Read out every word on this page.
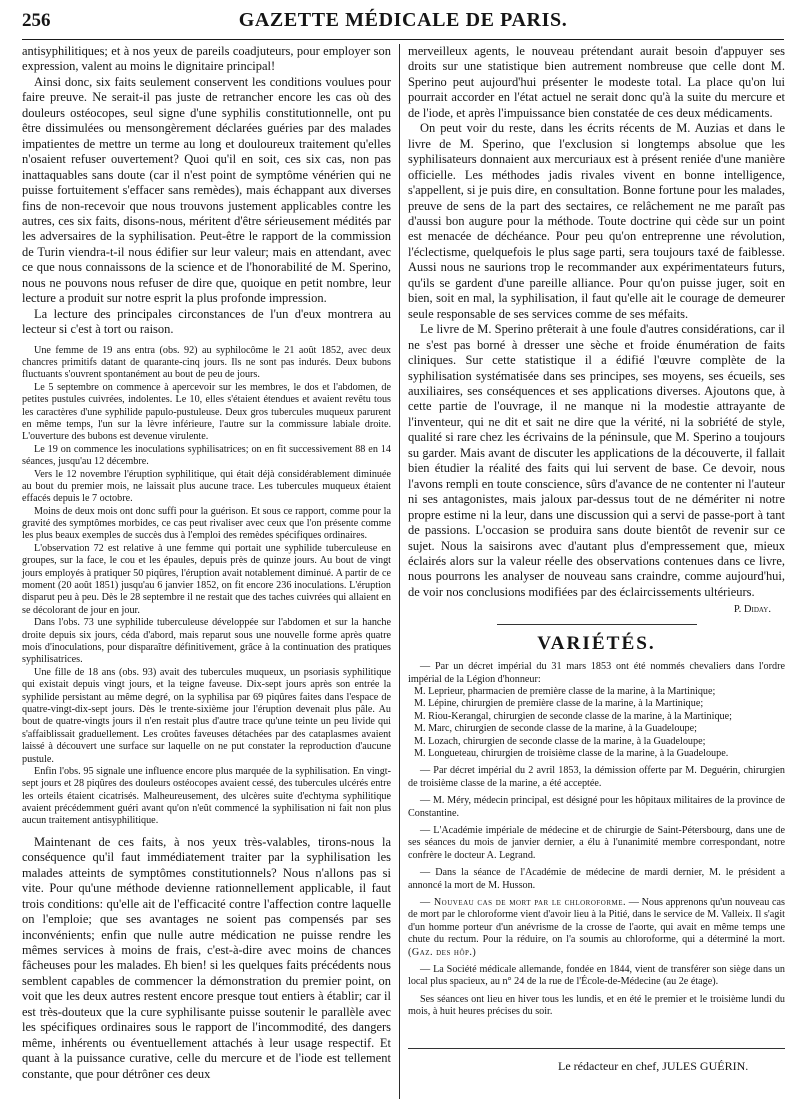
256	GAZETTE MÉDICALE DE PARIS.

antisyphilitiques; et à nos yeux de pareils coadjuteurs, pour employer son expression, valent au moins le dignitaire principal!

Ainsi donc, six faits seulement conservent les conditions voulues pour faire preuve. Ne serait-il pas juste de retrancher encore les cas où des douleurs ostéocopes, seul signe d'une syphilis constitutionnelle, ont pu être dissimulées ou mensongèrement déclarées guéries par des malades impatientes de mettre un terme au long et douloureux traitement qu'elles n'osaient refuser ouvertement? Quoi qu'il en soit, ces six cas, non pas inattaquables sans doute (car il n'est point de symptôme vénérien qui ne puisse fortuitement s'effacer sans remèdes), mais échappant aux diverses fins de non-recevoir que nous trouvons justement applicables contre les autres, ces six faits, disons-nous, méritent d'être sérieusement médités par les adversaires de la syphilisation. Peut-être le rapport de la commission de Turin viendra-t-il nous édifier sur leur valeur; mais en attendant, avec ce que nous connaissons de la science et de l'honorabilité de M. Sperino, nous ne pouvons nous refuser de dire que, quoique en petit nombre, leur lecture a produit sur notre esprit la plus profonde impression.

La lecture des principales circonstances de l'un d'eux montrera au lecteur si c'est à tort ou raison.

Une femme de 19 ans entra (obs. 92) au syphilocôme le 21 août 1852, avec deux chancres primitifs datant de quarante-cinq jours. Ils ne sont pas indurés. Deux bubons fluctuants s'ouvrent spontanément au bout de peu de jours.

Le 5 septembre on commence à apercevoir sur les membres, le dos et l'abdomen, de petites pustules cuivrées, indolentes. Le 10, elles s'étaient étendues et avaient revêtu tous les caractères d'une syphilide papulo-pustuleuse. Deux gros tubercules muqueux parurent en même temps, l'un sur la lèvre inférieure, l'autre sur la commissure labiale droite. L'ouverture des bubons est devenue virulente.

Le 19 on commence les inoculations syphilisatrices; on en fit successivement 88 en 14 séances, jusqu'au 12 décembre.

Vers le 12 novembre l'éruption syphilitique, qui était déjà considérablement diminuée au bout du premier mois, ne laissait plus aucune trace. Les tubercules muqueux étaient effacés depuis le 7 octobre.

Moins de deux mois ont donc suffi pour la guérison. Et sous ce rapport, comme pour la gravité des symptômes morbides, ce cas peut rivaliser avec ceux que l'on présente comme les plus beaux exemples de succès dus à l'emploi des remèdes spécifiques ordinaires.

L'observation 72 est relative à une femme qui portait une syphilide tuberculeuse en groupes, sur la face, le cou et les épaules, depuis près de quinze jours. Au bout de vingt jours employés à pratiquer 50 piqûres, l'éruption avait notablement diminué. A partir de ce moment (20 août 1851) jusqu'au 6 janvier 1852, on fit encore 236 inoculations. L'éruption disparut peu à peu. Dès le 28 septembre il ne restait que des taches cuivrées qui allaient en se décolorant de jour en jour.

Dans l'obs. 73 une syphilide tuberculeuse développée sur l'abdomen et sur la hanche droite depuis six jours, céda d'abord, mais reparut sous une nouvelle forme après quatre mois d'inoculations, pour disparaître définitivement, grâce à la continuation des pratiques syphilisatrices.

Une fille de 18 ans (obs. 93) avait des tubercules muqueux, un psoriasis syphilitique qui existait depuis vingt jours, et la teigne faveuse. Dix-sept jours après son entrée la syphilide persistant au même degré, on la syphilisa par 69 piqûres faites dans l'espace de quatre-vingt-dix-sept jours. Dès le trente-sixième jour l'éruption devenait plus pâle. Au bout de quatre-vingts jours il n'en restait plus d'autre trace qu'une teinte un peu livide qui s'affaiblissait graduellement. Les croûtes faveuses détachées par des cataplasmes avaient laissé à découvert une surface sur laquelle on ne put constater la reproduction d'aucune pustule.

Enfin l'obs. 95 signale une influence encore plus marquée de la syphilisation. En vingt-sept jours et 28 piqûres des douleurs ostéocopes avaient cessé, des tubercules ulcérés entre les orteils étaient cicatrisés. Malheureusement, des ulcères suite d'echtyma syphilitique avaient précédemment guéri avant qu'on n'eût commencé la syphilisation ni fait non plus aucun traitement antisyphilitique.

Maintenant de ces faits, à nos yeux très-valables, tirons-nous la conséquence qu'il faut immédiatement traiter par la syphilisation les malades atteints de symptômes constitutionnels? Nous n'allons pas si vite. Pour qu'une méthode devienne rationnellement applicable, il faut trois conditions: qu'elle ait de l'efficacité contre l'affection contre laquelle on l'emploie; que ses avantages ne soient pas compensés par ses inconvénients; enfin que nulle autre médication ne puisse rendre les mêmes services à moins de frais, c'est-à-dire avec moins de chances fâcheuses pour les malades. Eh bien! si les quelques faits précédents nous semblent capables de commencer la démonstration du premier point, on voit que les deux autres restent encore presque tout entiers à établir; car il est très-douteux que la cure syphilisante puisse soutenir le parallèle avec les spécifiques ordinaires sous le rapport de l'incommodité, des dangers même, inhérents ou éventuellement attachés à leur usage respectif. Et quant à la puissance curative, celle du mercure et de l'iode est tellement constante, que pour détrôner ces deux

merveilleux agents, le nouveau prétendant aurait besoin d'appuyer ses droits sur une statistique bien autrement nombreuse que celle dont M. Sperino peut aujourd'hui présenter le modeste total. La place qu'on lui pourrait accorder en l'état actuel ne serait donc qu'à la suite du mercure et de l'iode, et après l'impuissance bien constatée de ces deux médicaments.

On peut voir du reste, dans les écrits récents de M. Auzias et dans le livre de M. Sperino, que l'exclusion si longtemps absolue que les syphilisateurs donnaient aux mercuriaux est à présent reniée d'une manière officielle. Les méthodes jadis rivales vivent en bonne intelligence, s'appellent, si je puis dire, en consultation. Bonne fortune pour les malades, preuve de sens de la part des sectaires, ce relâchement ne me paraît pas d'aussi bon augure pour la méthode. Toute doctrine qui cède sur un point est menacée de déchéance. Pour peu qu'on entreprenne une révolution, l'éclectisme, quelquefois le plus sage parti, sera toujours taxé de faiblesse. Aussi nous ne saurions trop le recommander aux expérimentateurs futurs, qu'ils se gardent d'une pareille alliance. Pour qu'on puisse juger, soit en bien, soit en mal, la syphilisation, il faut qu'elle ait le courage de demeurer seule responsable de ses services comme de ses méfaits.

Le livre de M. Sperino prêterait à une foule d'autres considérations, car il ne s'est pas borné à dresser une sèche et froide énumération de faits cliniques. Sur cette statistique il a édifié l'œuvre complète de la syphilisation systématisée dans ses principes, ses moyens, ses écueils, ses auxiliaires, ses conséquences et ses applications diverses. Ajoutons que, à cette partie de l'ouvrage, il ne manque ni la modestie attrayante de l'inventeur, qui ne dit et sait ne dire que la vérité, ni la sobriété de style, qualité si rare chez les écrivains de la péninsule, que M. Sperino a toujours su garder. Mais avant de discuter les applications de la découverte, il fallait bien étudier la réalité des faits qui lui servent de base. Ce devoir, nous l'avons rempli en toute conscience, sûrs d'avance de ne contenter ni l'auteur ni ses antagonistes, mais jaloux par-dessus tout de ne démériter ni notre propre estime ni la leur, dans une discussion qui a servi de passe-port à tant de passions. L'occasion se produira sans doute bientôt de revenir sur ce sujet. Nous la saisirons avec d'autant plus d'empressement que, mieux éclairés alors sur la valeur réelle des observations contenues dans ce livre, nous pourrons les analyser de nouveau sans craindre, comme aujourd'hui, de voir nos conclusions modifiées par des éclaircissements ultérieurs.

P. Diday.
VARIÉTÉS.

— Par un décret impérial du 31 mars 1853 ont été nommés chevaliers dans l'ordre impérial de la Légion d'honneur:

M. Leprieur, pharmacien de première classe de la marine, à la Martinique;

M. Lépine, chirurgien de première classe de la marine, à la Martinique;

M. Riou-Kerangal, chirurgien de seconde classe de la marine, à la Martinique;

M. Marc, chirurgien de seconde classe de la marine, à la Guadeloupe;

M. Lozach, chirurgien de seconde classe de la marine, à la Guadeloupe;

M. Longueteau, chirurgien de troisième classe de la marine, à la Guadeloupe.

— Par décret impérial du 2 avril 1853, la démission offerte par M. Deguérin, chirurgien de troisième classe de la marine, a été acceptée.

— M. Méry, médecin principal, est désigné pour les hôpitaux militaires de la province de Constantine.

— L'Académie impériale de médecine et de chirurgie de Saint-Pétersbourg, dans une de ses séances du mois de janvier dernier, a élu à l'unanimité membre correspondant, notre confrère le docteur A. Legrand.

— Dans la séance de l'Académie de médecine de mardi dernier, M. le président a annoncé la mort de M. Husson.

— Nouveau cas de mort par le chloroforme. — Nous apprenons qu'un nouveau cas de mort par le chloroforme vient d'avoir lieu à la Pitié, dans le service de M. Valleix. Il s'agit d'un homme porteur d'un anévrisme de la crosse de l'aorte, qui avait en même temps une chute du rectum. Pour la réduire, on l'a soumis au chloroforme, qui a déterminé la mort. (Gaz. des hôp.)

— La Société médicale allemande, fondée en 1844, vient de transférer son siège dans un local plus spacieux, au n° 24 de la rue de l'École-de-Médecine (au 2e étage).

Ses séances ont lieu en hiver tous les lundis, et en été le premier et le troisième lundi du mois, à huit heures précises du soir.

Le rédacteur en chef, JULES GUÉRIN.
